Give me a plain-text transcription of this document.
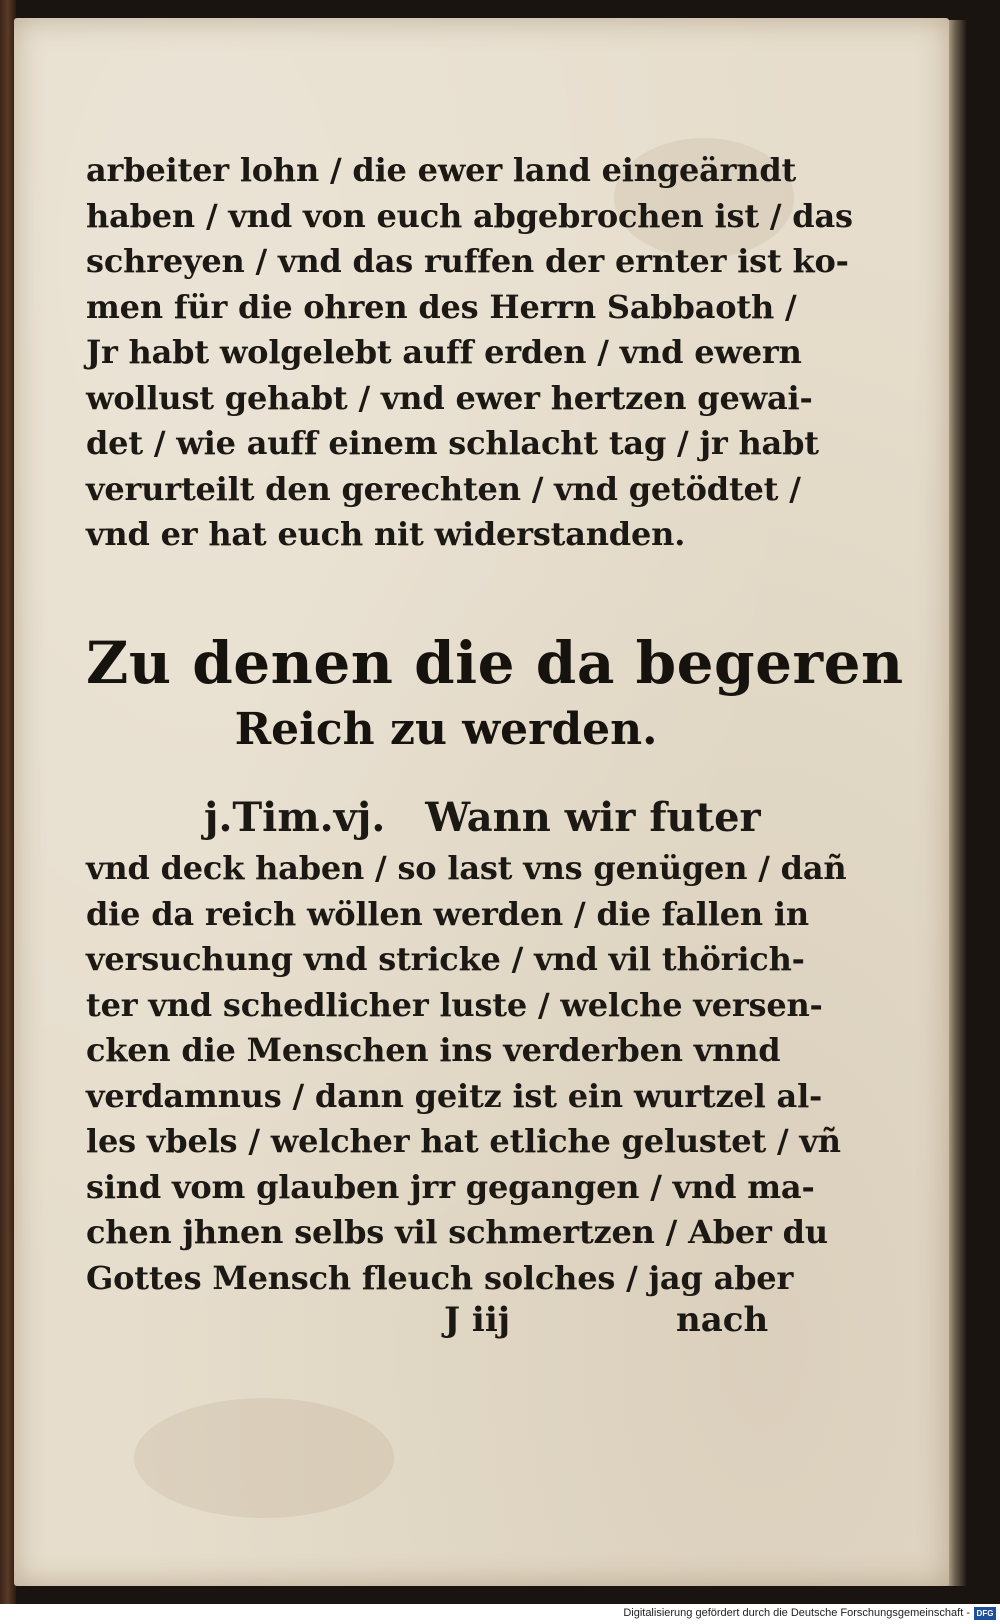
arbeiter lohn / die ewer land eingeärndt
haben / vnd von euch abgebrochen ist / das
schreyen / vnd das ruffen der ernter ist ko-
men für die ohren des Herrn Sabbaoth /
Jr habt wolgelebt auff erden / vnd ewern
wollust gehabt / vnd ewer hertzen gewai-
det / wie auff einem schlacht tag / jr habt
verurteilt den gerechten / vnd getödtet /
vnd er hat euch nit widerstanden.
Zu denen die da begeren
Reich zu werden.
j.Tim.vj. Wann wir futer
vnd deck haben / so last vns genügen / dañ
die da reich wöllen werden / die fallen in
versuchung vnd stricke / vnd vil thörich-
ter vnd schedlicher luste / welche versen-
cken die Menschen ins verderben vnnd
verdamnus / dann geitz ist ein wurtzel al-
les vbels / welcher hat etliche gelustet / vñ
sind vom glauben jrr gegangen / vnd ma-
chen jhnen selbs vil schmertzen / Aber du
Gottes Mensch fleuch solches / jag aber
J iij	nach
Digitalisierung gefördert durch die Deutsche Forschungsgemeinschaft - DFG
